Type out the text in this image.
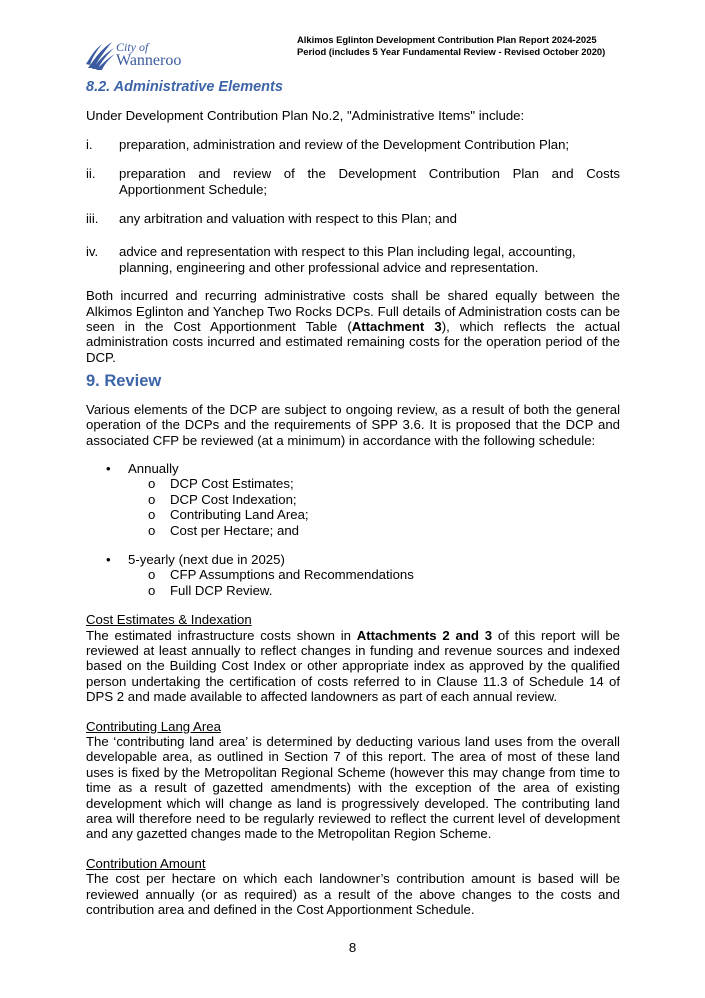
City of
Wanneroo
Alkimos Eglinton Development Contribution Plan Report 2024-2025
Period (includes 5 Year Fundamental Review - Revised October 2020)
8.2. Administrative Elements

Under Development Contribution Plan No.2, "Administrative Items" include:

i. preparation, administration and review of the Development Contribution Plan;
ii. preparation and review of the Development Contribution Plan and Costs Apportionment Schedule;
iii. any arbitration and valuation with respect to this Plan; and
iv. advice and representation with respect to this Plan including legal, accounting, planning, engineering and other professional advice and representation.

Both incurred and recurring administrative costs shall be shared equally between the Alkimos Eglinton and Yanchep Two Rocks DCPs. Full details of Administration costs can be seen in the Cost Apportionment Table (Attachment 3), which reflects the actual administration costs incurred and estimated remaining costs for the operation period of the DCP.

9. Review

Various elements of the DCP are subject to ongoing review, as a result of both the general operation of the DCPs and the requirements of SPP 3.6. It is proposed that the DCP and associated CFP be reviewed (at a minimum) in accordance with the following schedule:

• Annually
o DCP Cost Estimates;
o DCP Cost Indexation;
o Contributing Land Area;
o Cost per Hectare; and
• 5-yearly (next due in 2025)
o CFP Assumptions and Recommendations
o Full DCP Review.

Cost Estimates & Indexation

The estimated infrastructure costs shown in Attachments 2 and 3 of this report will be reviewed at least annually to reflect changes in funding and revenue sources and indexed based on the Building Cost Index or other appropriate index as approved by the qualified person undertaking the certification of costs referred to in Clause 11.3 of Schedule 14 of DPS 2 and made available to affected landowners as part of each annual review.

Contributing Lang Area

The ‘contributing land area’ is determined by deducting various land uses from the overall developable area, as outlined in Section 7 of this report. The area of most of these land uses is fixed by the Metropolitan Regional Scheme (however this may change from time to time as a result of gazetted amendments) with the exception of the area of existing development which will change as land is progressively developed. The contributing land area will therefore need to be regularly reviewed to reflect the current level of development and any gazetted changes made to the Metropolitan Region Scheme.

Contribution Amount

The cost per hectare on which each landowner’s contribution amount is based will be reviewed annually (or as required) as a result of the above changes to the costs and contribution area and defined in the Cost Apportionment Schedule.

8
